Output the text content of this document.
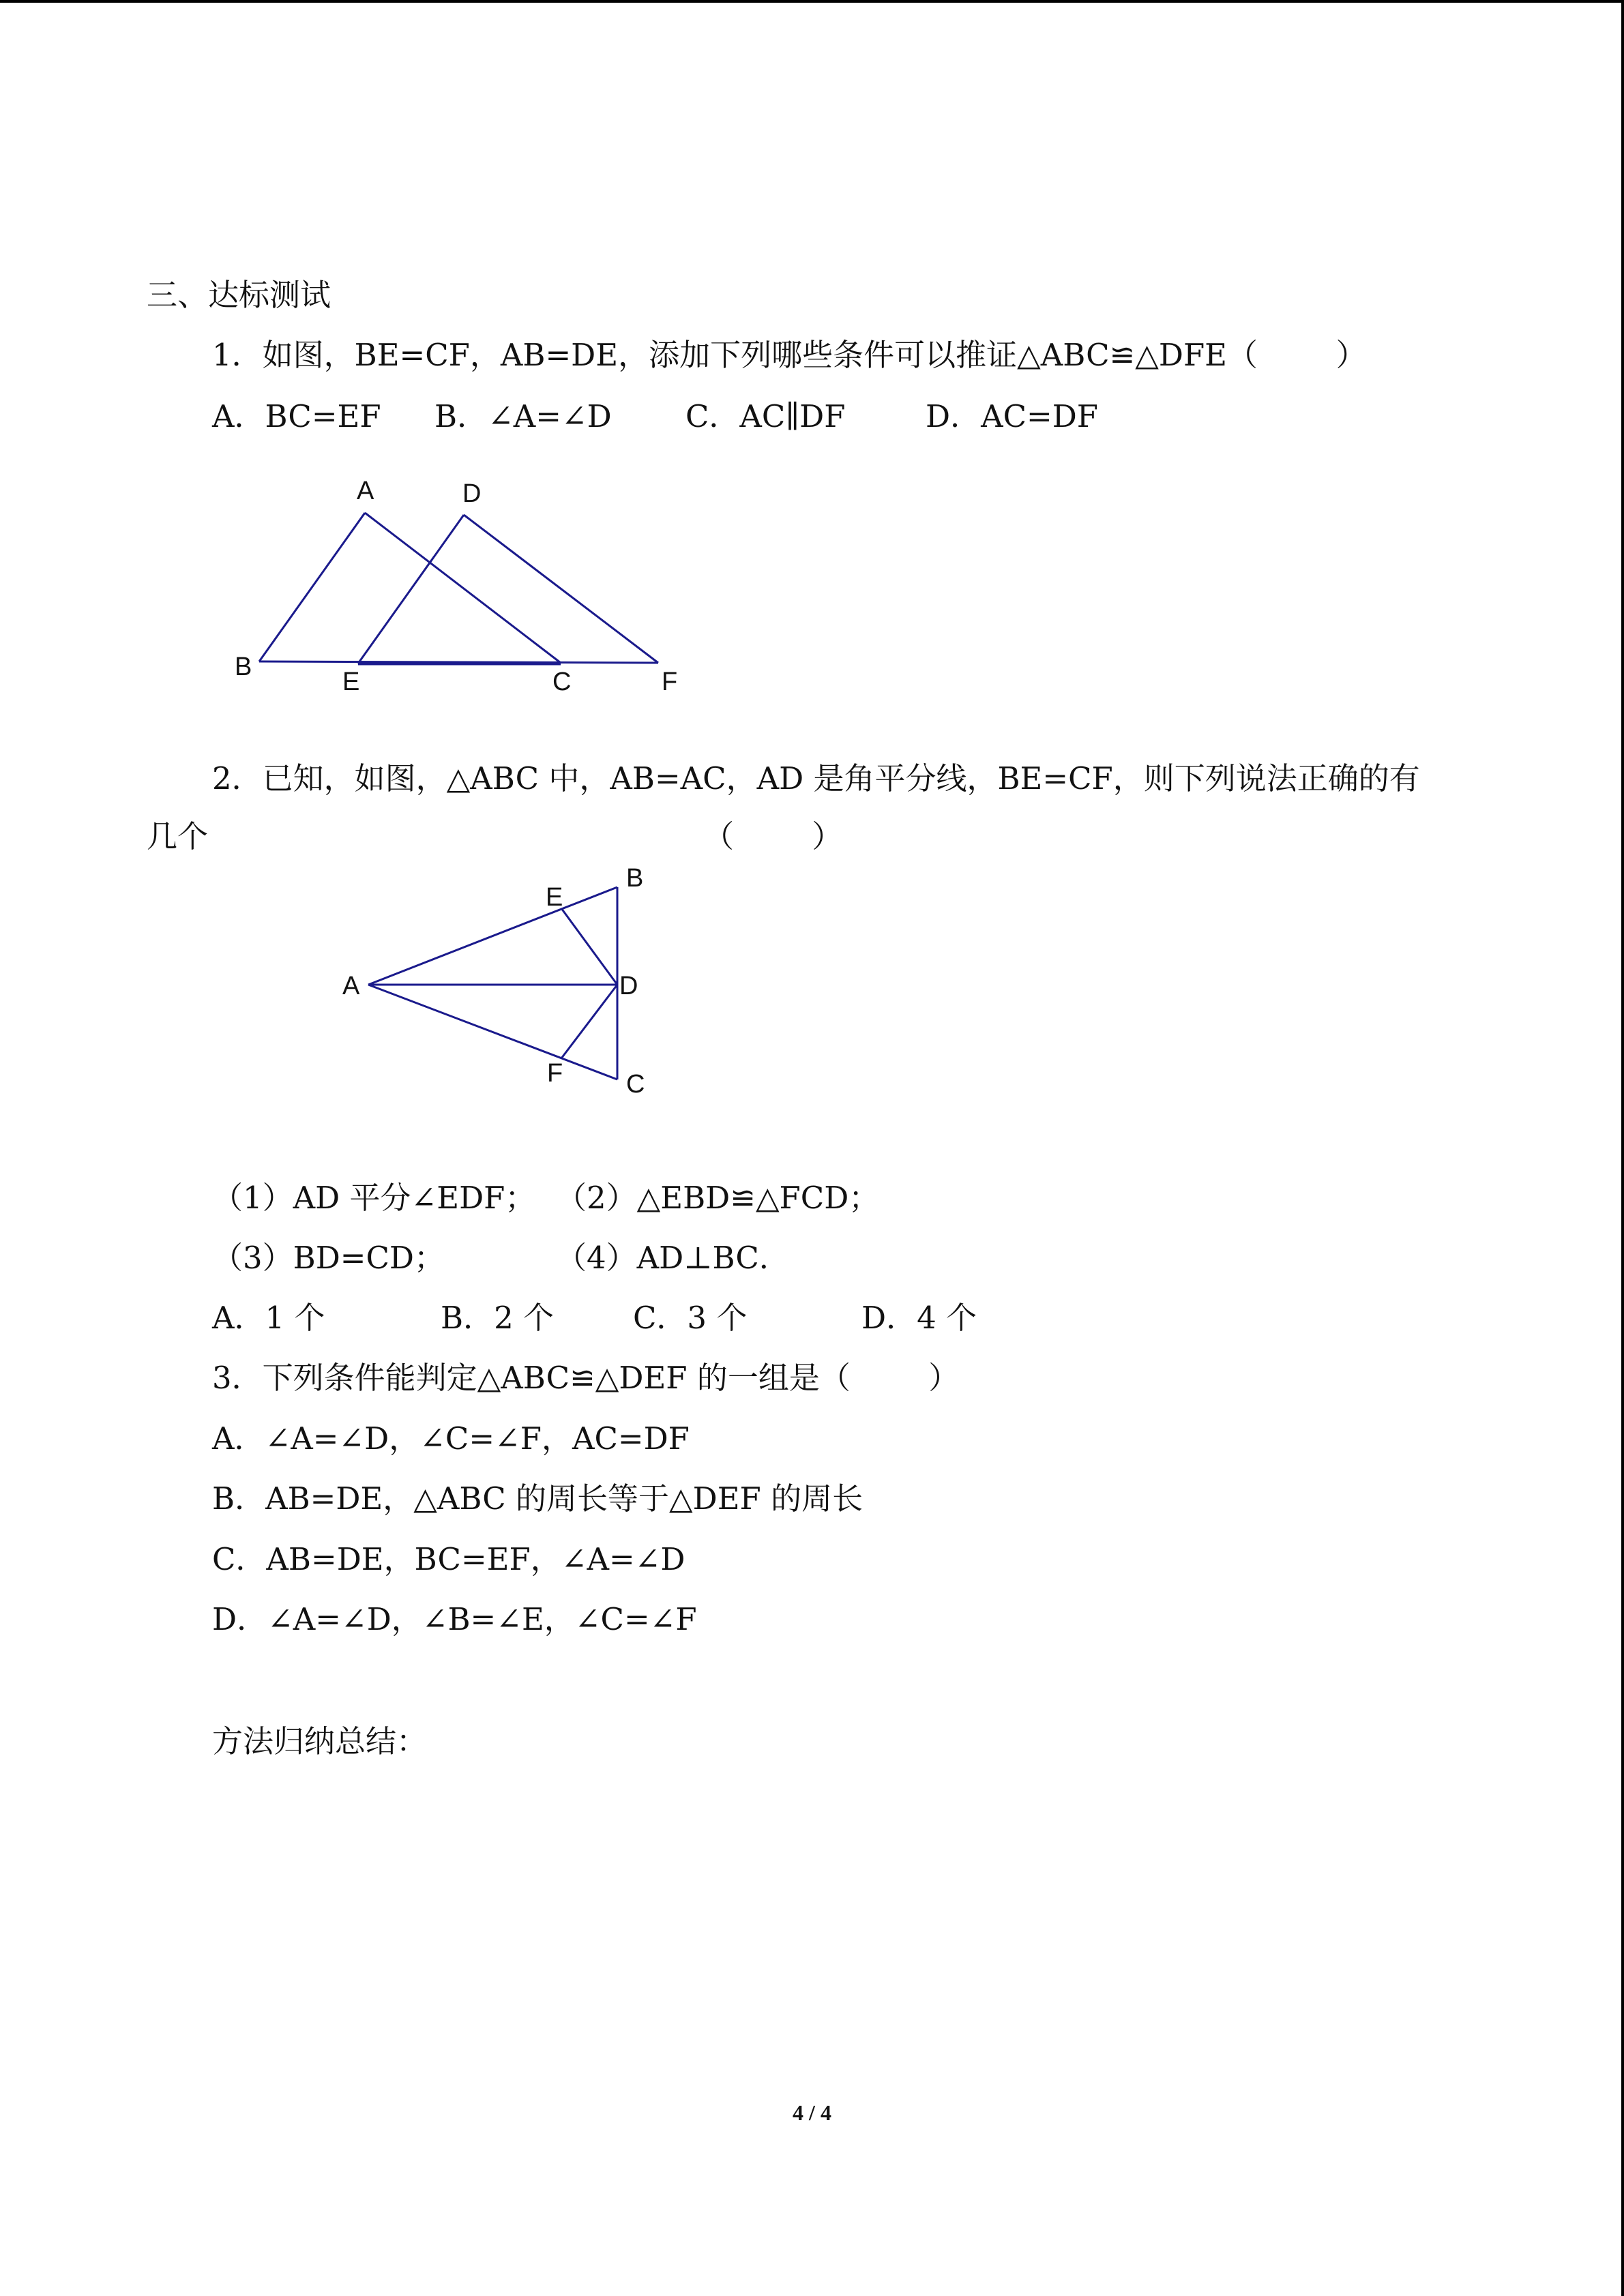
三、达标测试
1．如图，BE=CF，AB=DE，添加下列哪些条件可以推证△ABC≌△DFE（        ）
A．BC=EF B．∠A=∠D C．AC∥DF	D．AC=DF
A	D
B
E	C	F
2．已知，如图，△ABC 中，AB=AC，AD 是角平分线，BE=CF，则下列说法正确的有
几个	（        ）
A
B
E
D
F C
（1）AD 平分∠EDF； （2）△EBD≌△FCD；
（3）BD=CD；	（4）AD⊥BC．
A．1 个	B．2 个	C．3 个	D．4 个
3．下列条件能判定△ABC≌△DEF 的一组是（        ）
A．∠A=∠D，∠C=∠F，AC=DF
B．AB=DE，△ABC 的周长等于△DEF 的周长
C．AB=DE，BC=EF，∠A=∠D
D．∠A=∠D，∠B=∠E，∠C=∠F
方法归纳总结：
4 / 4
